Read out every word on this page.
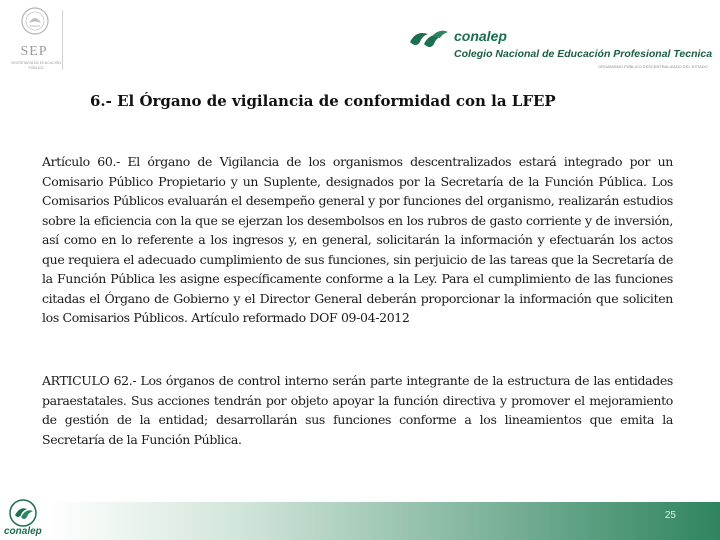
SEP
SECRETARÍA DE EDUCACIÓN PÚBLICA
conalep
Colegio Nacional de Educación Profesional Tecnica
ORGANISMO PÚBLICO DESCENTRALIZADO DEL ESTADO
6.- El Órgano de vigilancia de conformidad con la LFEP

Artículo 60.- El órgano de Vigilancia de los organismos descentralizados estará integrado por un Comisario Público Propietario y un Suplente, designados por la Secretaría de la Función Pública. Los Comisarios Públicos evaluarán el desempeño general y por funciones del organismo, realizarán estudios sobre la eficiencia con la que se ejerzan los desembolsos en los rubros de gasto corriente y de inversión, así como en lo referente a los ingresos y, en general, solicitarán la información y efectuarán los actos que requiera el adecuado cumplimiento de sus funciones, sin perjuicio de las tareas que la Secretaría de la Función Pública les asigne específicamente conforme a la Ley. Para el cumplimiento de las funciones citadas el Órgano de Gobierno y el Director General deberán proporcionar la información que soliciten los Comisarios Públicos. Artículo reformado DOF 09-04-2012

ARTICULO 62.- Los órganos de control interno serán parte integrante de la estructura de las entidades paraestatales. Sus acciones tendrán por objeto apoyar la función directiva y promover el mejoramiento de gestión de la entidad; desarrollarán sus funciones conforme a los lineamientos que emita la Secretaría de la Función Pública.

conalep
25
